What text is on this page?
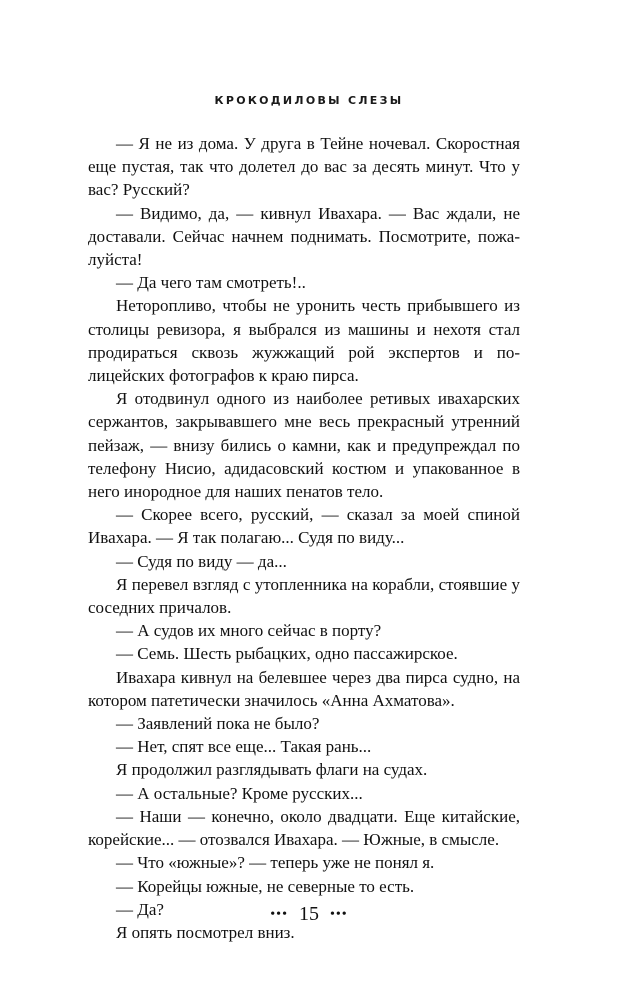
КРОКОДИЛОВЫ СЛЕЗЫ

— Я не из дома. У друга в Тейне ночевал. Скоростная еще пустая, так что долетел до вас за десять минут. Что у вас? Русский?

— Видимо, да, — кивнул Ивахара. — Вас ждали, не доставали. Сейчас начнем поднимать. Посмотрите, пожалуйста!

— Да чего там смотреть!..

Неторопливо, чтобы не уронить честь прибывшего из столицы ревизора, я выбрался из машины и нехотя стал продираться сквозь жужжащий рой экспертов и полицейских фотографов к краю пирса.

Я отодвинул одного из наиболее ретивых ивахарских сержантов, закрывавшего мне весь прекрасный утренний пейзаж, — внизу бились о камни, как и предупреждал по телефону Нисио, адидасовский костюм и упакованное в него инородное для наших пенатов тело.

— Скорее всего, русский, — сказал за моей спиной Ивахара. — Я так полагаю... Судя по виду...

— Судя по виду — да...

Я перевел взгляд с утопленника на корабли, стоявшие у соседних причалов.

— А судов их много сейчас в порту?

— Семь. Шесть рыбацких, одно пассажирское.

Ивахара кивнул на белевшее через два пирса судно, на котором патетически значилось «Анна Ахматова».

— Заявлений пока не было?

— Нет, спят все еще... Такая рань...

Я продолжил разглядывать флаги на судах.

— А остальные? Кроме русских...

— Наши — конечно, около двадцати. Еще китайские, корейские... — отозвался Ивахара. — Южные, в смысле.

— Что «южные»? — теперь уже не понял я.

— Корейцы южные, не северные то есть.

— Да?

Я опять посмотрел вниз.

••• 15 •••
